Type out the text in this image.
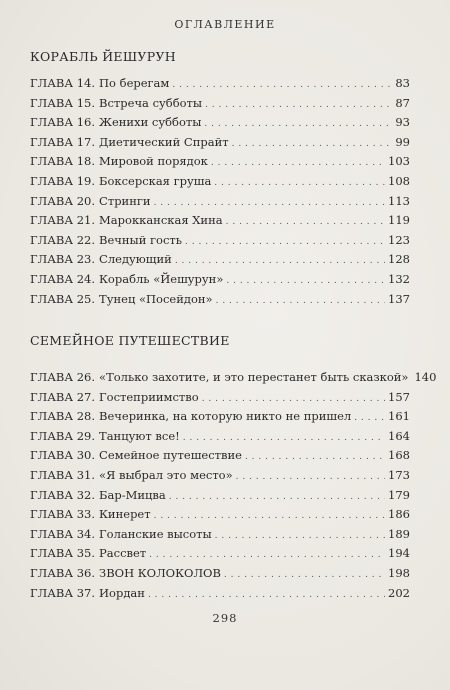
ОГЛАВЛЕНИЕ
КОРАБЛЬ ЙЕШУРУН
ГЛАВА 14. По берегам . . .	83
ГЛАВА 15. Встреча субботы . . .	87
ГЛАВА 16. Женихи субботы . . .	93
ГЛАВА 17. Диетический Спрайт . . .	99
ГЛАВА 18. Мировой порядок . . .	103
ГЛАВА 19. Боксерская груша . . .	108
ГЛАВА 20. Стринги . . .	113
ГЛАВА 21. Марокканская Хина . . .	119
ГЛАВА 22. Вечный гость . . .	123
ГЛАВА 23. Следующий . . .	128
ГЛАВА 24. Корабль «Йешурун» . . .	132
ГЛАВА 25. Тунец «Посейдон» . . .	137
СЕМЕЙНОЕ ПУТЕШЕСТВИЕ
ГЛАВА 26. «Только захотите, и это перестанет быть сказкой» 140
ГЛАВА 27. Гостеприимство . . .	157
ГЛАВА 28. Вечеринка, на которую никто не пришел . . .	161
ГЛАВА 29. Танцуют все! . . .	164
ГЛАВА 30. Семейное путешествие . . .	168
ГЛАВА 31. «Я выбрал это место» . . .	173
ГЛАВА 32. Бар-Мицва . . .	179
ГЛАВА 33. Кинерет . . .	186
ГЛАВА 34. Голанские высоты . . .	189
ГЛАВА 35. Рассвет . . .	194
ГЛАВА 36. ЗВОН КОЛОКОЛОВ . . .	198
ГЛАВА 37. Иордан . . .	202
298
